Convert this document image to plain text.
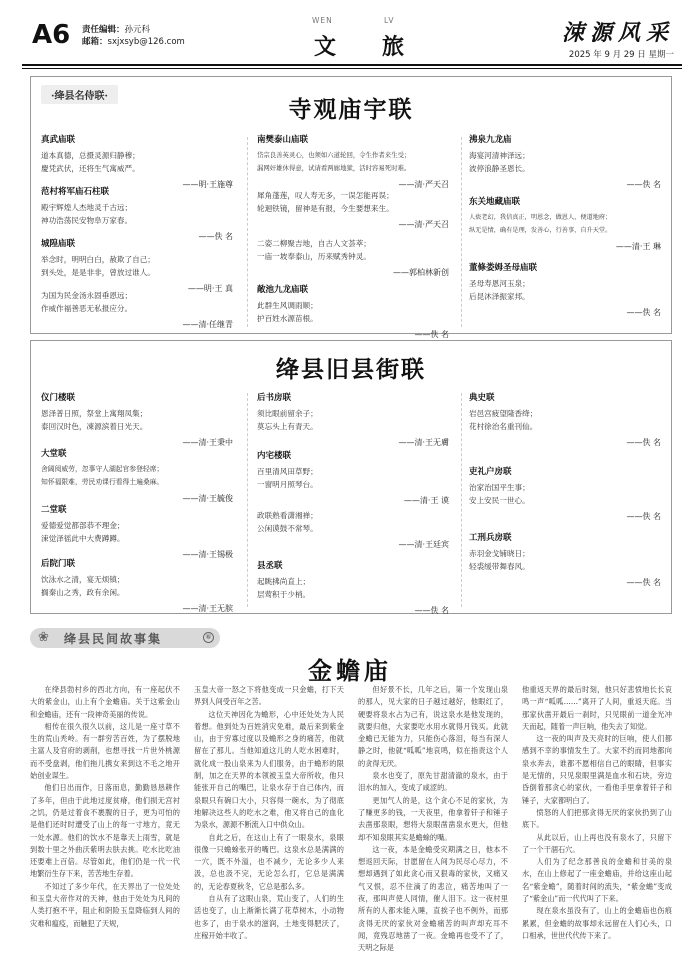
A6 责任编辑：孙元科
邮箱：sxjxsyb@126.com
WEN
文
LV
旅
涑源风采
2025 年 9 月 29 日 星期一
·绛县名侍联·	寺观庙宇联
真武庙联
道本真德，总摄灵源归静穆；
慶凭武伏，还将生气寓威严。
——明·王施尊
范村将军庙石柱联
殿宇辉煌人杰地灵千古远；
神功浩荡民安物阜万家春。
——佚 名
城隍庙联
举念时，明明白白，赦欺了自己；
到头处，是是非非，曾放过谁人。
——明·王 真
为国为民金汤永固垂恩远；
作威作福善恶无私报应分。
——清·任继青
南樊泰山庙联
岱宗良善英灵心，也须如六道轮回，令生作者来生受；
漏网奸雄休得意，试请看两廊地狱，活时容易死时难。
——清·严天召
犀角蓬莲，叹人寿无多，一误怎能再误；
轮迴铁镜，留神是有报，今生要想来生。
——清·严天召
二姿二柳聚吉地，自古人文荟萃；
一庙一坡奉泰山，历来赋秀钟灵。
——郭柏林新创
敞池九龙庙联
此群生风调雨顺；
护百姓水源苗根。
——佚 名
沸泉九龙庙
海宴河清神泽远；
波停浪静圣恩长。
——佚 名
东关地藏庙联
人亵老幻，我信真正，明恩念，做恩人，便道地府；
纵无是情，确有是理，发善心，行善事，自升天堂。
——清·王 琳
董條娄姆圣母庙联
圣母寿恩河玉泉；
后昆沐泽振家邦。
——佚 名
绛县旧县街联
仪门楼联
恩泽普日照，祭堂上寓翔凤集；
泰回汉时色，凍源滨着日光天。
——清·王秉中
大堂联
舍阔阅威劳，忽事守人湖起官参登轻席；
知怀福限难，劳民劝课行看得土遍桑麻。
——清·王毓俊
二堂联
爱德爱觉都部恭不理金；
涑觉泽徭此中大费蹲蹲。
——清·王锡极
后院门联
饮泳水之清，宴无烦镇；
搁秦山之秀，政有余闲。
——清·王无膑
后书房联
须比眼前留余子；
莫忘头上有青天。
——清·王无膚
内宅楼联
百里清风田草野；
一窗明月照琴台。
——清·王 谟
政联熟看潇湘禅；
公闲谟鼓不常琴。
——清·王廷宾
县丞联
起眺拂尚直上；
层莺积于少梢。
——佚 名
典史联
岩邑宫疲望隆香绛；
花村徐治名重刊仙。
——佚 名
吏礼户房联
治家治国平生事；
安上安民一世心。
——佚 名
工刑兵房联
赤羽金戈铺晓日；
轻裘缓带舞春风。
——佚 名
❀ 绛县民间故事集	⑥
金蟾庙

在绛县勃村乡的西北方向，有一座起伏不大的紫金山，山上有个金蟾庙。关于这紫金山和金蟾庙，还有一段神奇美丽的传说。

相传在很久很久以前，这儿是一座寸草不生的荒山秃岭。有一群穷苦百姓，为了摆脱地主富人及官府的剥削，也想寻找一片世外桃源而不受盘剥，他们拖儿携女来到这不毛之地开始创业谋生。

他们日出而作，日落而息，勤勤恳恳耕作了多年，但由于此地过度贫瘠，他们损无宫衬之饥，仍是过着食不裹腹的日子，更为可怕的是他们还时时遭受了山上的每一寸地方，竟无一处水源。他们的饮水不是靠天上雨雪，就是到数十里之外曲沃紫明去肤去挑。吃水比吃油还要难上百倍。尽管如此，他们仍是一代一代地繁衍生存下来，苦苦地生存着。

不知过了多少年代，在天界出了一位处处和玉皇大帝作对的天神，他由于处处为凡间的人类打抱不平，阻止和阴险玉皇降临到人间的灾难和瘟疫，而触犯了天规，

玉皇大帝一怒之下将他变成一只金蟾，打下天界到人间受百年之苦。

这位天神因化为蟾形，心中还处处为人民着想。他到处为百姓消灾免难，最后来到紫金山，由于穷寡过度以及蟾形之身的痛苦，他就留在了那儿。当他知道这儿的人吃水困难时，就化成一股山泉来为人们服务，由于蟾形的限制，加之在天界的本领被玉皇大帝所收，他只能张开自己的嘴巴，让泉水存于自己体内，而泉眼只有碗口大小，只容得一碗水，为了彻底地解决这些人的吃水之难，他又将自己的血化为泉水，源源不断流入口中供众山。

自此之后，在这山上有了一眼泉水，泉眼很像一只蟾蜍张开的嘴巴。这泉水总是满满的一穴，既不外溢，也不减少，无论多少人来汲，总也汲不完，无论怎么打，它总是满满的，无论春夏秋冬，它总是那么多。

自从有了这眼山泉，荒山变了，人们的生活也变了，山上渐渐长满了花草树木，小动物也多了，由于泉水的滋润，土地变得肥沃了，庄稼开始丰收了。

但好景不长，几年之后，第一个发现山泉的那人，见大家的日子越过越好，他眼红了，硬要将泉水占为己有，说这泉水是他发现的，就要归他，大家要吃水用水就得月钱买。此就金蟾已无能为力，只能伤心落泪，每当有深人静之时，他就“呱呱”地哀鸣，似在指责这个人的贪得无厌。

泉水也变了，原先甘甜清澈的泉水，由于泪水的加入，变成了咸涩的。

更加气人的是，这个贪心不足的家伙，为了赚更多的钱，一天夜里，他拿着钎子和锤子去凿那泉眼，想将大泉眼凿凿泉水更大，但他却不知泉眼其实是蟾蜍的嘴。

这一夜，本是金蟾受灾期满之日，他本不想返回天际，甘愿留在人间为民尽心尽力，不想却遇到了如此贪心而又狠毒的家伙，又痛又气又恨，忍不住滴了的悲泣，痛苦地叫了一夜，那叫声使人同情，催人泪下。这一夜村里所有的人都未能入睡，直挨子也不例外，而那贪得无厌的家伙对金蟾痛苦的叫声却充耳不闻，竟残忍地凿了一夜。金蟾再也受不了了，天明之际是

他重返天界的最后时刻，他只好悲愤地长长哀鸣一声“呱呱……”离开了人间，重返天庭。当那家伙凿开最后一刹时，只见眼前一道金光冲天而起，随着一声巨响，他失去了知觉。

这一夜的叫声及天亮时的巨响，使人们都感到不幸的事情发生了。大家不约而同地都向泉水奔去，谁都不愿相信自己的眼睛，但事实是无情的，只见泉眼里满是血水和石块，旁边昏倒着那贪心的家伙，一看他手里拿着钎子和锤子，大家都明白了。

愤怒的人们把那贪得无厌的家伙扔到了山底下。

从此以后，山上再也没有泉水了，只留下了一个干涸石穴。

人们为了纪念那善良的金蟾和甘美的泉水，在山上修起了一座金蟾庙，并给这座山起名“紫金蟾”，随着时间的流失，“紫金蟾”变成了“紫金山”而一代代叫了下来。

现在泉水虽没有了，山上的金蟾庙也伤痕累累，但金蟾的故事却永远留在人们心头，口口相承，世世代代传下来了。
